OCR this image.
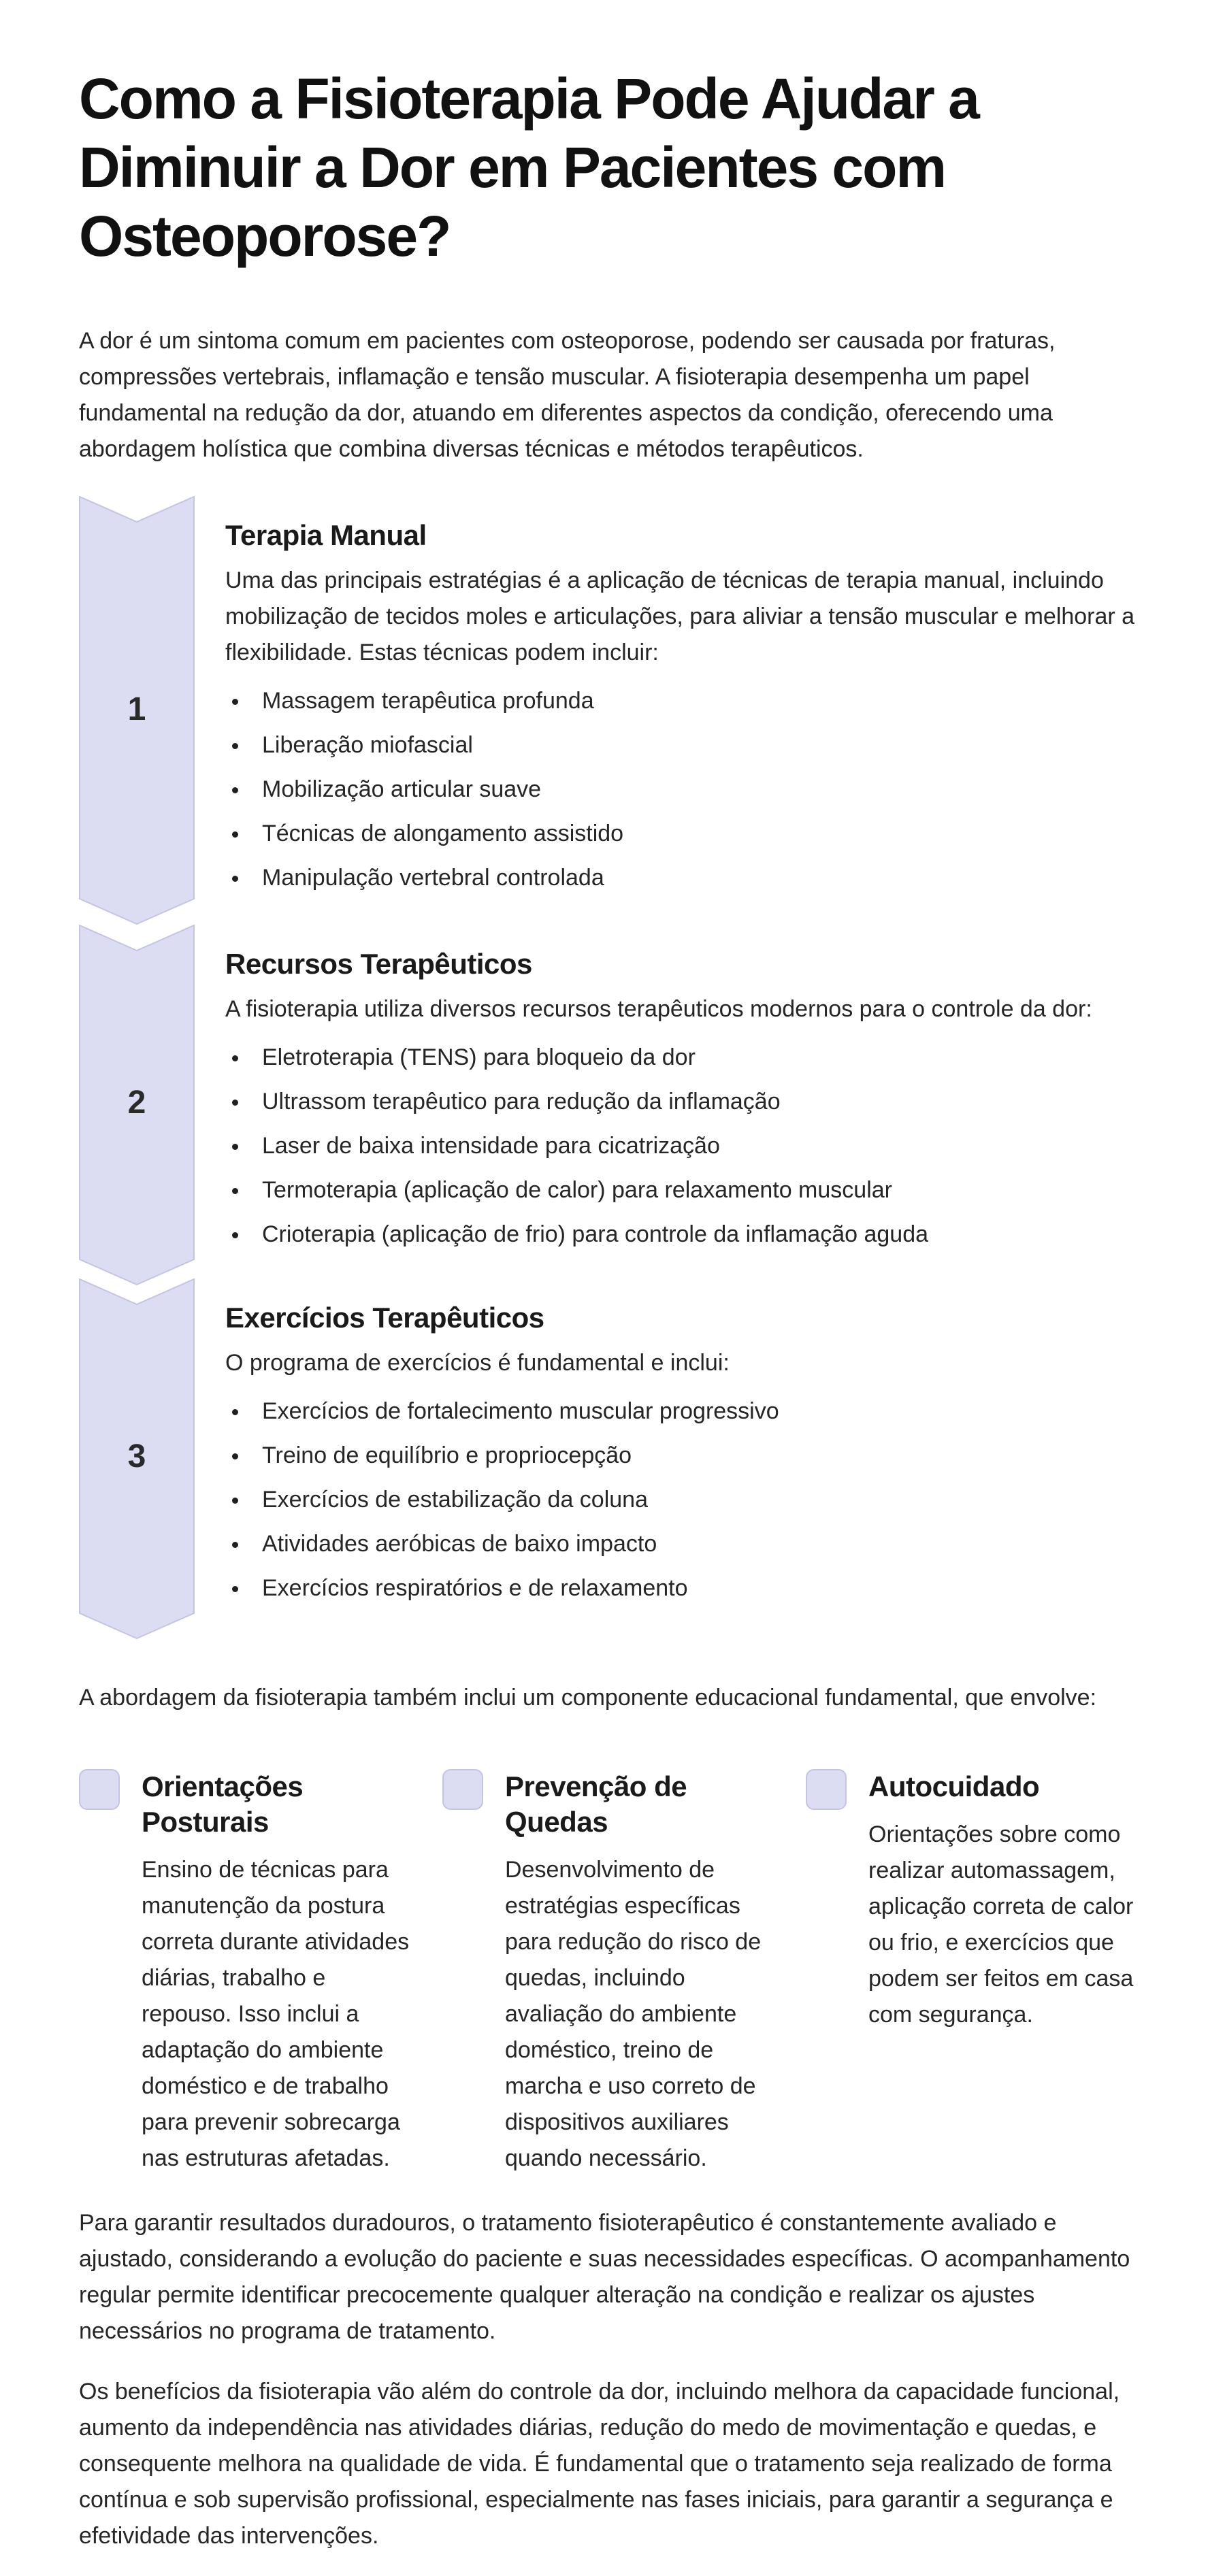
Como a Fisioterapia Pode Ajudar a Diminuir a Dor em Pacientes com Osteoporose?

A dor é um sintoma comum em pacientes com osteoporose, podendo ser causada por fraturas, compressões vertebrais, inflamação e tensão muscular. A fisioterapia desempenha um papel fundamental na redução da dor, atuando em diferentes aspectos da condição, oferecendo uma abordagem holística que combina diversas técnicas e métodos terapêuticos.

1
Terapia Manual

Uma das principais estratégias é a aplicação de técnicas de terapia manual, incluindo mobilização de tecidos moles e articulações, para aliviar a tensão muscular e melhorar a flexibilidade. Estas técnicas podem incluir:

Massagem terapêutica profunda
Liberação miofascial
Mobilização articular suave
Técnicas de alongamento assistido
Manipulação vertebral controlada
2
Recursos Terapêuticos

A fisioterapia utiliza diversos recursos terapêuticos modernos para o controle da dor:

Eletroterapia (TENS) para bloqueio da dor
Ultrassom terapêutico para redução da inflamação
Laser de baixa intensidade para cicatrização
Termoterapia (aplicação de calor) para relaxamento muscular
Crioterapia (aplicação de frio) para controle da inflamação aguda
3
Exercícios Terapêuticos

O programa de exercícios é fundamental e inclui:

Exercícios de fortalecimento muscular progressivo
Treino de equilíbrio e propriocepção
Exercícios de estabilização da coluna
Atividades aeróbicas de baixo impacto
Exercícios respiratórios e de relaxamento

A abordagem da fisioterapia também inclui um componente educacional fundamental, que envolve:

Orientações Posturais

Ensino de técnicas para manutenção da postura correta durante atividades diárias, trabalho e repouso. Isso inclui a adaptação do ambiente doméstico e de trabalho para prevenir sobrecarga nas estruturas afetadas.

Prevenção de Quedas

Desenvolvimento de estratégias específicas para redução do risco de quedas, incluindo avaliação do ambiente doméstico, treino de marcha e uso correto de dispositivos auxiliares quando necessário.

Autocuidado

Orientações sobre como realizar automassagem, aplicação correta de calor ou frio, e exercícios que podem ser feitos em casa com segurança.

Para garantir resultados duradouros, o tratamento fisioterapêutico é constantemente avaliado e ajustado, considerando a evolução do paciente e suas necessidades específicas. O acompanhamento regular permite identificar precocemente qualquer alteração na condição e realizar os ajustes necessários no programa de tratamento.

Os benefícios da fisioterapia vão além do controle da dor, incluindo melhora da capacidade funcional, aumento da independência nas atividades diárias, redução do medo de movimentação e quedas, e consequente melhora na qualidade de vida. É fundamental que o tratamento seja realizado de forma contínua e sob supervisão profissional, especialmente nas fases iniciais, para garantir a segurança e efetividade das intervenções.
